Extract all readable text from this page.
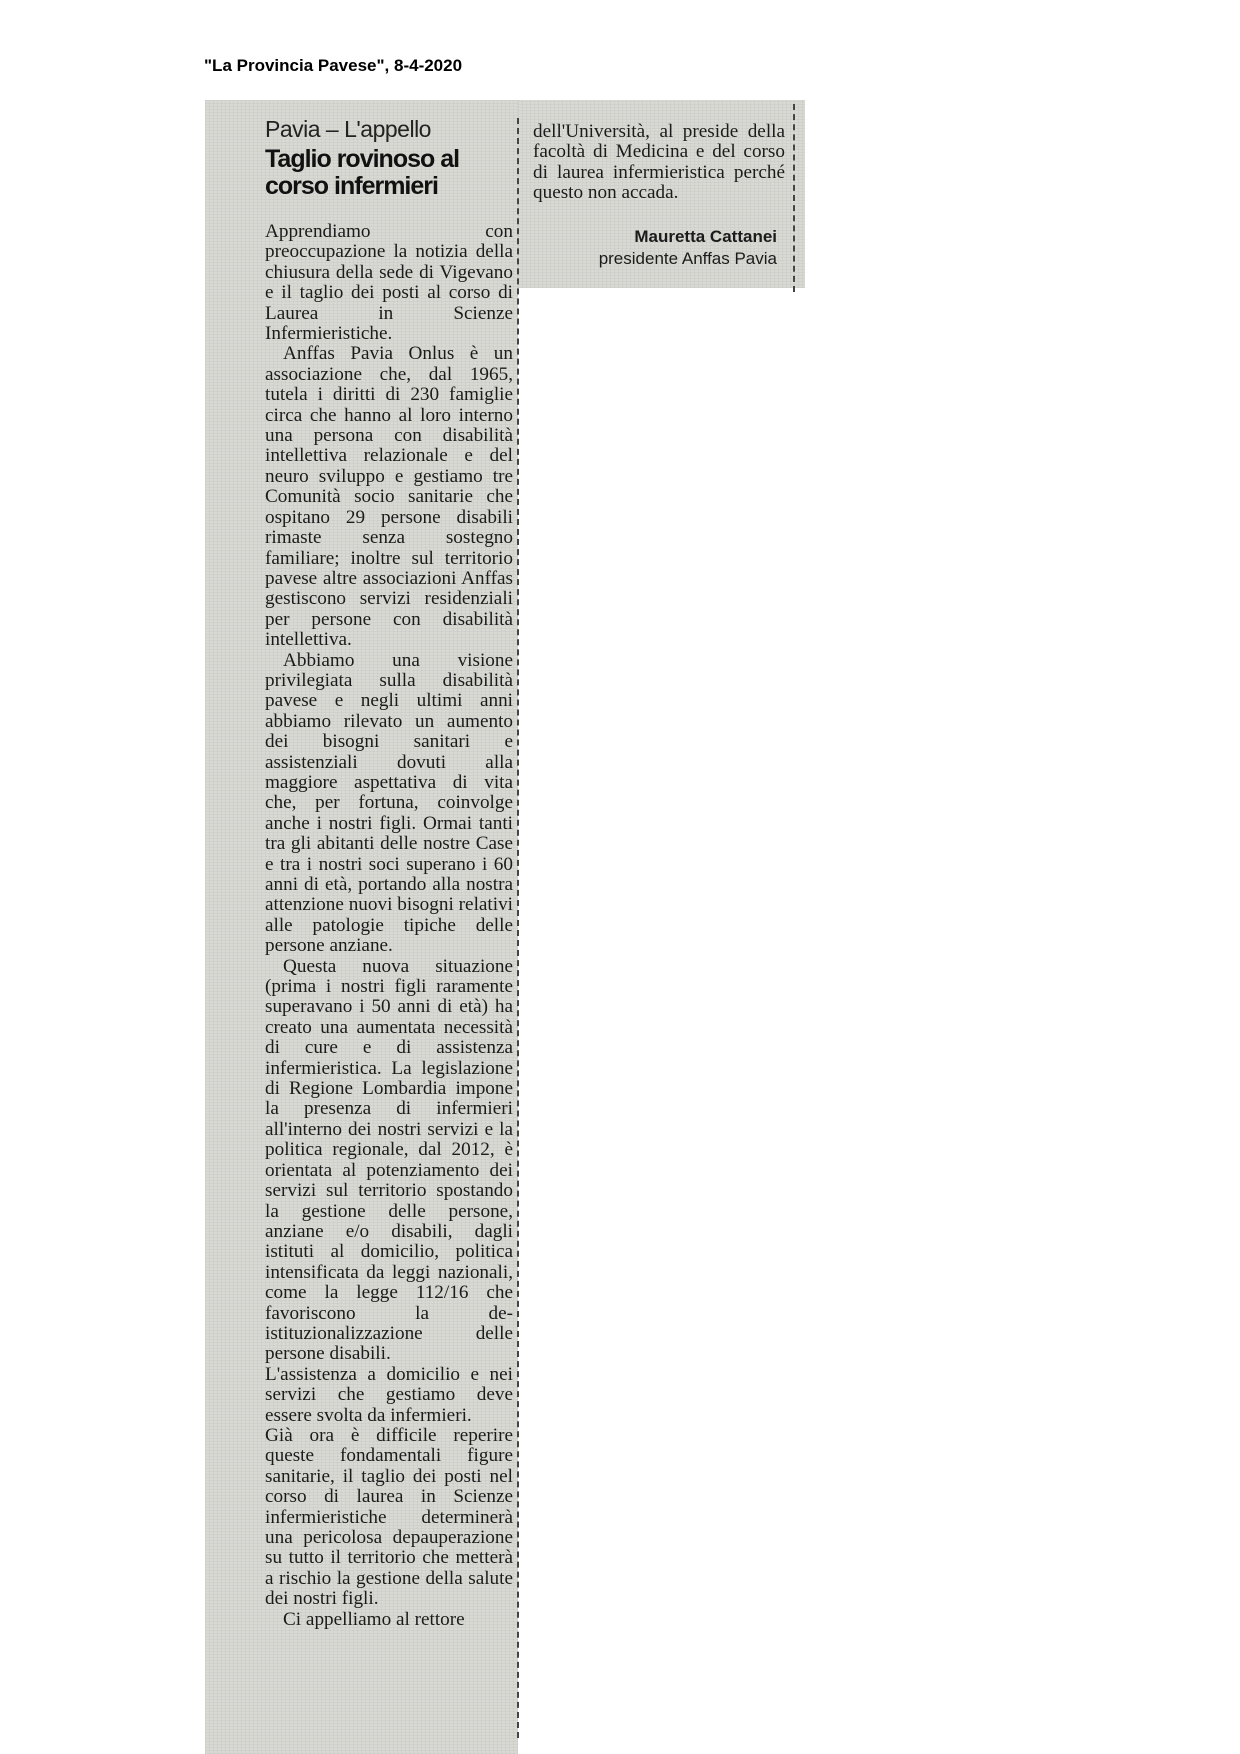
"La Provincia Pavese", 8-4-2020
Pavia – L'appello
Taglio rovinoso al corso infermieri

Apprendiamo con preoccupazione la notizia della chiusura della sede di Vigevano e il taglio dei posti al corso di Laurea in Scienze Infermieristiche.

Anffas Pavia Onlus è un associazione che, dal 1965, tutela i diritti di 230 famiglie circa che hanno al loro interno una persona con disabilità intellettiva relazionale e del neuro sviluppo e gestiamo tre Comunità socio sanitarie che ospitano 29 persone disabili rimaste senza sostegno familiare; inoltre sul territorio pavese altre associazioni Anffas gestiscono servizi residenziali per persone con disabilità intellettiva.

Abbiamo una visione privilegiata sulla disabilità pavese e negli ultimi anni abbiamo rilevato un aumento dei bisogni sanitari e assistenziali dovuti alla maggiore aspettativa di vita che, per fortuna, coinvolge anche i nostri figli. Ormai tanti tra gli abitanti delle nostre Case e tra i nostri soci superano i 60 anni di età, portando alla nostra attenzione nuovi bisogni relativi alle patologie tipiche delle persone anziane.

Questa nuova situazione (prima i nostri figli raramente superavano i 50 anni di età) ha creato una aumentata necessità di cure e di assistenza infermieristica. La legislazione di Regione Lombardia impone la presenza di infermieri all'interno dei nostri servizi e la politica regionale, dal 2012, è orientata al potenziamento dei servizi sul territorio spostando la gestione delle persone, anziane e/o disabili, dagli istituti al domicilio, politica intensificata da leggi nazionali, come la legge 112/16 che favoriscono la de-istituzionalizzazione delle persone disabili.

L'assistenza a domicilio e nei servizi che gestiamo deve essere svolta da infermieri.

Già ora è difficile reperire queste fondamentali figure sanitarie, il taglio dei posti nel corso di laurea in Scienze infermieristiche determinerà una pericolosa depauperazione su tutto il territorio che metterà a rischio la gestione della salute dei nostri figli.

Ci appelliamo al rettore

dell'Università, al preside della facoltà di Medicina e del corso di laurea infermieristica perché questo non accada.

Mauretta Cattanei
presidente Anffas Pavia
